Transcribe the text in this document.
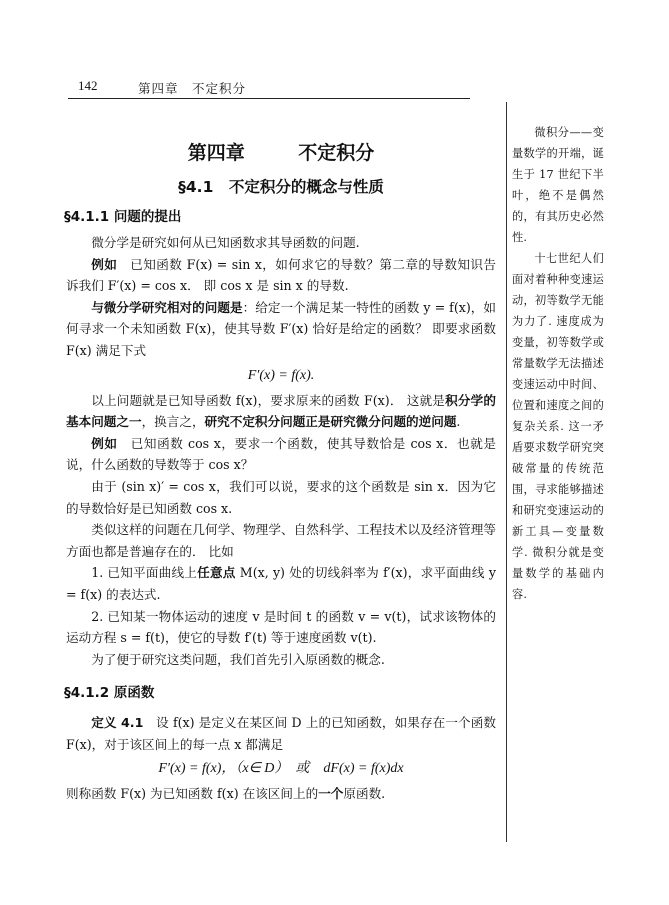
142	第四章　不定积分
第四章　 不定积分
§4.1　不定积分的概念与性质
§4.1.1 问题的提出

微分学是研究如何从已知函数求其导函数的问题.

例如　 已知函数 F(x) = sin x，如何求它的导数？第二章的导数知识告诉我们 F′(x) = cos x． 即 cos x 是 sin x 的导数.

与微分学研究相对的问题是：给定一个满足某一特性的函数 y = f(x)，如何寻求一个未知函数 F(x)，使其导数 F′(x) 恰好是给定的函数？ 即要求函数 F(x) 满足下式

F′(x) = f(x).

以上问题就是已知导函数 f(x)，要求原来的函数 F(x)． 这就是积分学的基本问题之一，换言之，研究不定积分问题正是研究微分问题的逆问题.

例如　 已知函数 cos x，要求一个函数，使其导数恰是 cos x．也就是说，什么函数的导数等于 cos x？

由于 (sin x)′ = cos x，我们可以说，要求的这个函数是 sin x．因为它的导数恰好是已知函数 cos x.

类似这样的问题在几何学、物理学、自然科学、工程技术以及经济管理等方面也都是普遍存在的． 比如

1. 已知平面曲线上任意点 M(x, y) 处的切线斜率为 f′(x)，求平面曲线 y = f(x) 的表达式.

2. 已知某一物体运动的速度 v 是时间 t 的函数 v = v(t)，试求该物体的运动方程 s = f(t)，使它的导数 f′(t) 等于速度函数 v(t).

为了便于研究这类问题，我们首先引入原函数的概念.

§4.1.2 原函数

定义 4.1　 设 f(x) 是定义在某区间 D 上的已知函数，如果存在一个函数 F(x)，对于该区间上的每一点 x 都满足

F′(x) = f(x)，（x∈ D）　或　dF(x) = f(x)dx

则称函数 F(x) 为已知函数 f(x) 在该区间上的一个原函数.

微积分——变量数学的开端，诞生于 17 世纪下半叶，绝不是偶然的，有其历史必然性.

十七世纪人们面对着种种变速运动，初等数学无能为力了. 速度成为变量，初等数学或常量数学无法描述变速运动中时间、位置和速度之间的复杂关系. 这一矛盾要求数学研究突破常量的传统范围，寻求能够描述和研究变速运动的新工具—变量数学. 微积分就是变量数学的基础内容.
